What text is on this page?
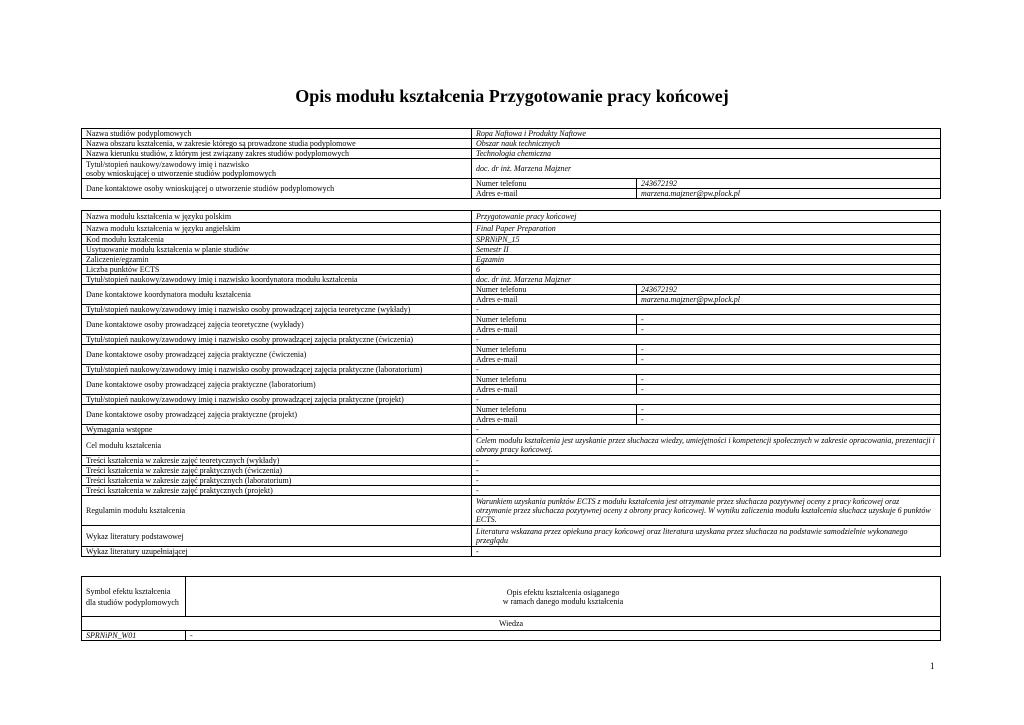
Opis modułu kształcenia Przygotowanie pracy końcowej
Nazwa studiów podyplomowych	Ropa Naftowa i Produkty Naftowe	
Nazwa obszaru kształcenia, w zakresie którego są prowadzone studia podyplomowe	Obszar nauk technicznych	
Nazwa kierunku studiów, z którym jest związany zakres studiów podyplomowych	Technologia chemiczna	

Tytuł/stopień naukowy/zawodowy imię i nazwisko
osoby wnioskującej o utworzenie studiów podyplomowych	doc. dr inż. Marzena Majzner	
Dane kontaktowe osoby wnioskującej o utworzenie studiów podyplomowych	Numer telefonu	243672192
	Adres e-mail	marzena.majzner@pw.plock.pl
Nazwa modułu kształcenia w języku polskim	Przygotowanie pracy końcowej	
Nazwa modułu kształcenia w języku angielskim	Final Paper Preparation	
Kod modułu kształcenia	SPRNiPN_15	
Usytuowanie modułu kształcenia w planie studiów	Semestr II	
Zaliczenie/egzamin	Egzamin	
Liczba punktów ECTS	6	
Tytuł/stopień naukowy/zawodowy imię i nazwisko koordynatora modułu kształcenia	doc. dr inż. Marzena Majzner	
Dane kontaktowe koordynatora modułu kształcenia	Numer telefonu	243672192
	Adres e-mail	marzena.majzner@pw.plock.pl
Tytuł/stopień naukowy/zawodowy imię i nazwisko osoby prowadzącej zajęcia teoretyczne (wykłady)	-	
Dane kontaktowe osoby prowadzącej zajęcia teoretyczne (wykłady)	Numer telefonu	-
	Adres e-mail	-
Tytuł/stopień naukowy/zawodowy imię i nazwisko osoby prowadzącej zajęcia praktyczne (ćwiczenia)	-	
Dane kontaktowe osoby prowadzącej zajęcia praktyczne (ćwiczenia)	Numer telefonu	-
	Adres e-mail	-
Tytuł/stopień naukowy/zawodowy imię i nazwisko osoby prowadzącej zajęcia praktyczne (laboratorium)	-	
Dane kontaktowe osoby prowadzącej zajęcia praktyczne (laboratorium)	Numer telefonu	-
	Adres e-mail	-
Tytuł/stopień naukowy/zawodowy imię i nazwisko osoby prowadzącej zajęcia praktyczne (projekt)	-	
Dane kontaktowe osoby prowadzącej zajęcia praktyczne (projekt)	Numer telefonu	-
	Adres e-mail	-
Wymagania wstępne	-	
Cel modułu kształcenia	Celem modułu kształcenia jest uzyskanie przez słuchacza wiedzy, umiejętności i kompetencji społecznych w zakresie opracowania, prezentacji i obrony pracy końcowej.	
Treści kształcenia w zakresie zajęć teoretycznych (wykłady)	-	
Treści kształcenia w zakresie zajęć praktycznych (ćwiczenia)	-	
Treści kształcenia w zakresie zajęć praktycznych (laboratorium)	-	
Treści kształcenia w zakresie zajęć praktycznych (projekt)	-	
Regulamin modułu kształcenia	Warunkiem uzyskania punktów ECTS z modułu kształcenia jest otrzymanie przez słuchacza pozytywnej oceny z pracy końcowej oraz otrzymanie przez słuchacza pozytywnej oceny z obrony pracy końcowej. W wyniku zaliczenia modułu kształcenia słuchacz uzyskuje 6 punktów ECTS.	
Wykaz literatury podstawowej	Literatura wskazana przez opiekuna pracy końcowej oraz literatura uzyskana przez słuchacza na podstawie samodzielnie wykonanego przeglądu	
Wykaz literatury uzupełniającej	-	
Symbol efektu kształcenia dla studiów podyplomowych	Opis efektu kształcenia osiąganego
w ramach danego modułu kształcenia

Wiedza	
SPRNiPN_W01	-
1
